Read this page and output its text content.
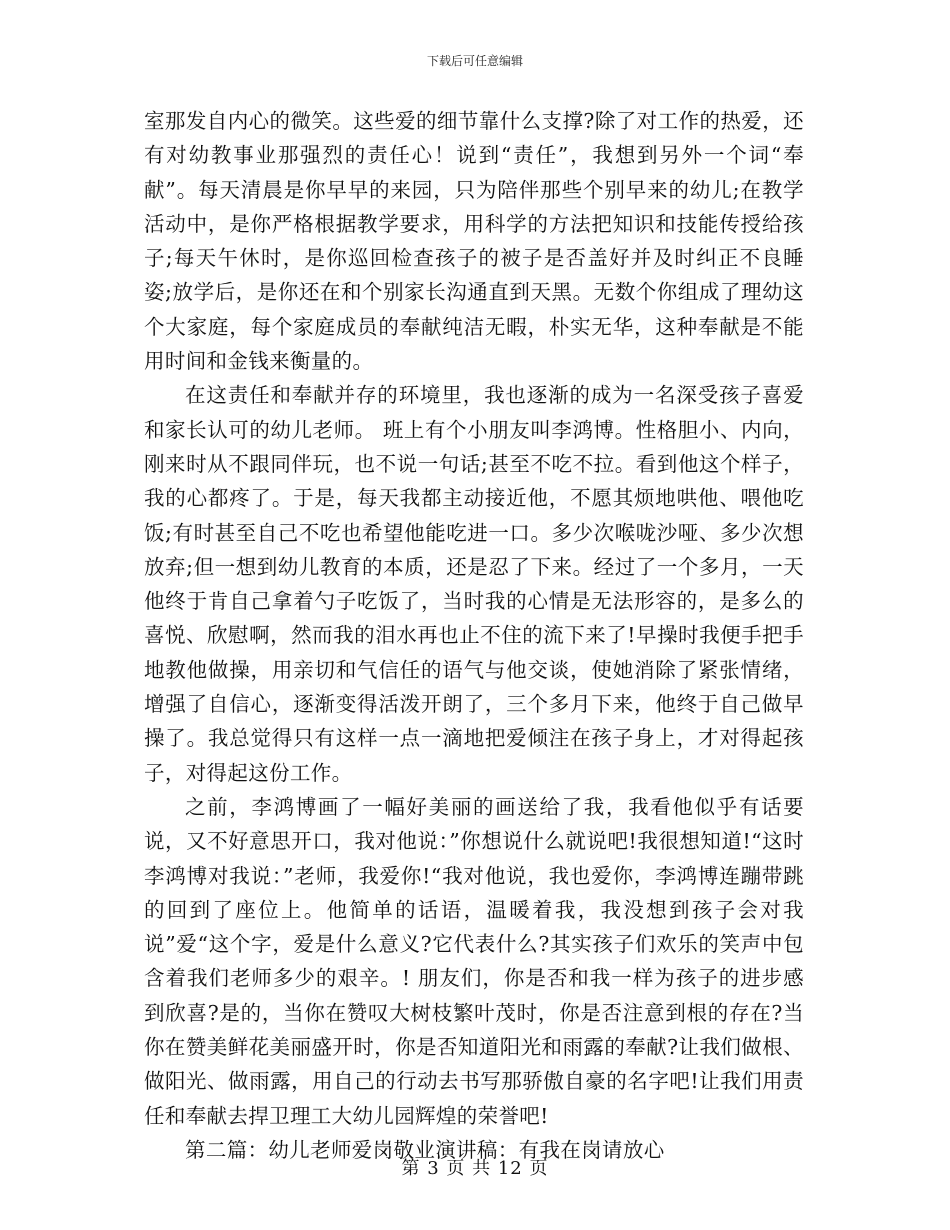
下载后可任意编辑

室那发自内心的微笑。这些爱的细节靠什么支撑?除了对工作的热爱，还有对幼教事业那强烈的责任心！说到“责任”，我想到另外一个词“奉献”。每天清晨是你早早的来园，只为陪伴那些个别早来的幼儿;在教学活动中，是你严格根据教学要求，用科学的方法把知识和技能传授给孩子;每天午休时，是你巡回检查孩子的被子是否盖好并及时纠正不良睡姿;放学后，是你还在和个别家长沟通直到天黑。无数个你组成了理幼这个大家庭，每个家庭成员的奉献纯洁无暇，朴实无华，这种奉献是不能用时间和金钱来衡量的。

在这责任和奉献并存的环境里，我也逐渐的成为一名深受孩子喜爱和家长认可的幼儿老师。 班上有个小朋友叫李鸿博。性格胆小、内向，刚来时从不跟同伴玩，也不说一句话;甚至不吃不拉。看到他这个样子，我的心都疼了。于是，每天我都主动接近他，不愿其烦地哄他、喂他吃饭;有时甚至自己不吃也希望他能吃进一口。多少次喉咙沙哑、多少次想放弃;但一想到幼儿教育的本质，还是忍了下来。经过了一个多月，一天他终于肯自己拿着勺子吃饭了，当时我的心情是无法形容的，是多么的喜悦、欣慰啊，然而我的泪水再也止不住的流下来了!早操时我便手把手地教他做操，用亲切和气信任的语气与他交谈，使她消除了紧张情绪，增强了自信心，逐渐变得活泼开朗了，三个多月下来，他终于自己做早操了。我总觉得只有这样一点一滴地把爱倾注在孩子身上，才对得起孩子，对得起这份工作。

之前，李鸿博画了一幅好美丽的画送给了我，我看他似乎有话要说，又不好意思开口，我对他说：”你想说什么就说吧!我很想知道!“这时李鸿博对我说：”老师，我爱你!“我对他说，我也爱你，李鸿博连蹦带跳的回到了座位上。他简单的话语，温暖着我，我没想到孩子会对我说”爱“这个字，爱是什么意义?它代表什么?其实孩子们欢乐的笑声中包含着我们老师多少的艰辛。! 朋友们，你是否和我一样为孩子的进步感到欣喜?是的，当你在赞叹大树枝繁叶茂时，你是否注意到根的存在?当你在赞美鲜花美丽盛开时，你是否知道阳光和雨露的奉献?让我们做根、做阳光、做雨露，用自己的行动去书写那骄傲自豪的名字吧!让我们用责任和奉献去捍卫理工大幼儿园辉煌的荣誉吧!

第二篇：幼儿老师爱岗敬业演讲稿：有我在岗请放心

第 3 页 共 12 页
